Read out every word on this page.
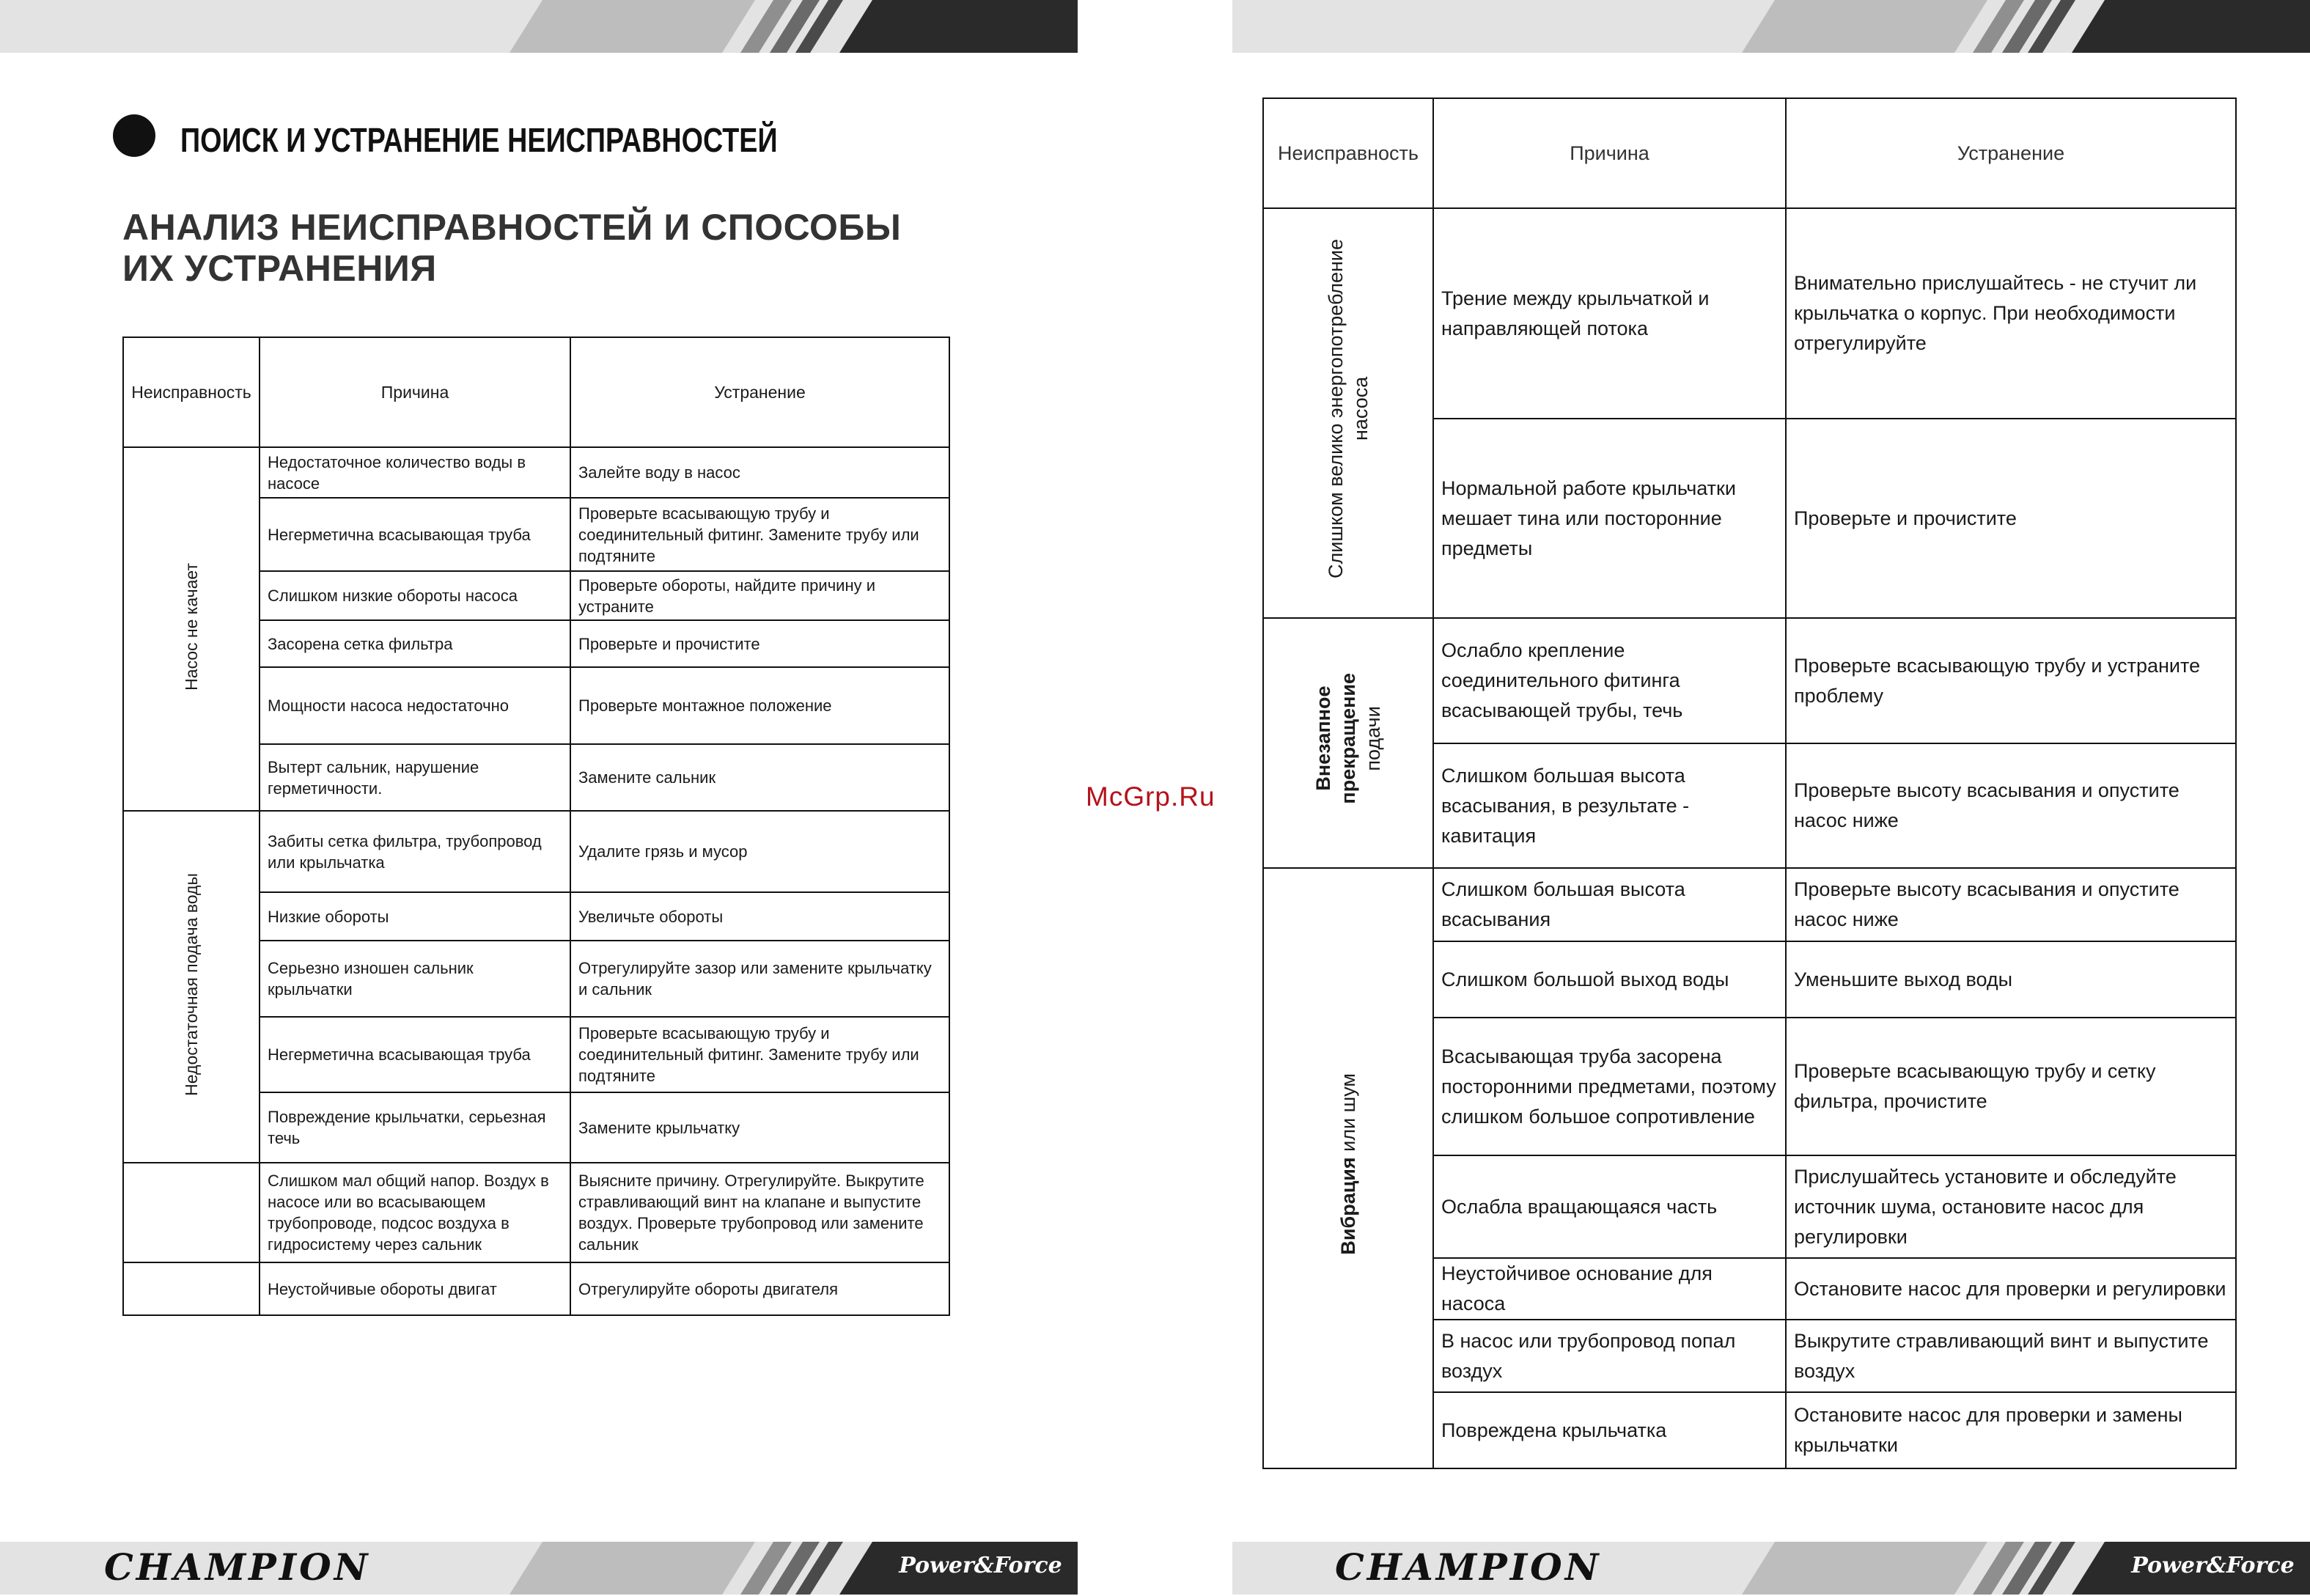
ПОИСК И УСТРАНЕНИЕ НЕИСПРАВНОСТЕЙ
АНАЛИЗ НЕИСПРАВНОСТЕЙ И СПОСОБЫ
ИХ УСТРАНЕНИЯ
Неисправность	Причина	Устранение
Насос не качает	Недостаточное количество воды в насосе	Залейте воду в насос
	Негерметична всасывающая труба	Проверьте всасывающую трубу и соединительный фитинг. Замените трубу или подтяните
	Слишком низкие обороты насоса	Проверьте обороты, найдите причину и устраните
	Засорена сетка фильтра	Проверьте и прочистите
	Мощности насоса недостаточно	Проверьте монтажное положение
	Вытерт сальник, нарушение герметичности.	Замените сальник
Недостаточная подача воды	Забиты сетка фильтра, трубопровод или крыльчатка	Удалите грязь и мусор
	Низкие обороты	Увеличьте обороты
	Серьезно изношен сальник крыльчатки	Отрегулируйте зазор или замените крыльчатку и сальник
	Негерметична всасывающая труба	Проверьте всасывающую трубу и соединительный фитинг. Замените трубу или подтяните
	Повреждение крыльчатки, серьезная течь	Замените крыльчатку
	Слишком мал общий напор. Воздух в насосе или во всасывающем трубопроводе, подсос воздуха в гидросистему через сальник	Выясните причину. Отрегулируйте. Выкрутите стравливающий винт на клапане и выпустите воздух. Проверьте трубопровод или замените сальник
	Неустойчивые обороты двигат	Отрегулируйте обороты двигателя
CHAMPION	Power&Force
McGrp.Ru
CHAMPION	Power&Force
Неисправность	Причина	Устранение
Слишком велико энергопотребление насоса	Трение между крыльчаткой и направляющей потока	Внимательно прислушайтесь - не стучит ли крыльчатка о корпус. При необходимости отрегулируйте
	Нормальной работе крыльчатки мешает тина или посторонние предметы	Проверьте и прочистите
Внезапное прекращение подачи	Ослабло крепление соединительного фитинга всасывающей трубы, течь	Проверьте всасывающую трубу и устраните проблему
	Слишком большая высота всасывания, в результате - кавитация	Проверьте высоту всасывания и опустите насос ниже
Вибрация или шум	Слишком большая высота всасывания	Проверьте высоту всасывания и опустите насос ниже
	Слишком большой выход воды	Уменьшите выход воды
	Всасывающая труба засорена посторонними предметами, поэтому слишком большое сопротивление	Проверьте всасывающую трубу и сетку фильтра, прочистите
	Ослабла вращающаяся часть	Прислушайтесь установите и обследуйте источник шума, остановите насос для регулировки
	Неустойчивое основание для насоса	Остановите насос для проверки и регулировки
	В насос или трубопровод попал воздух	Выкрутите стравливающий винт и выпустите воздух
	Повреждена крыльчатка	Остановите насос для проверки и замены крыльчатки
